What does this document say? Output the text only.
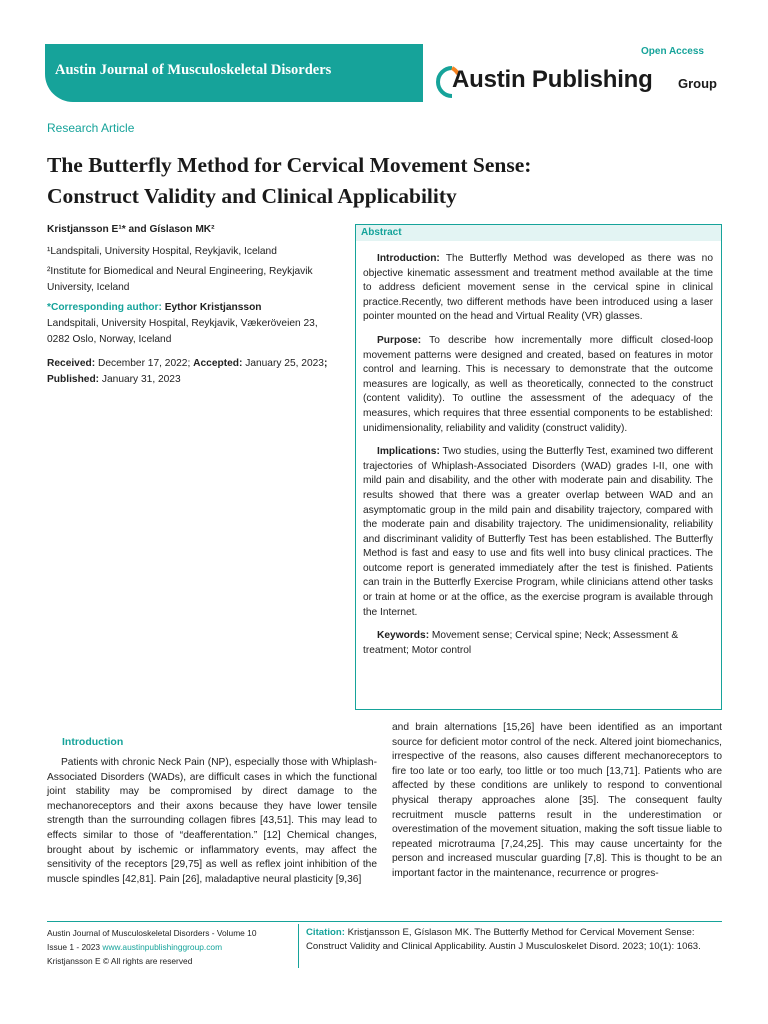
Austin Journal of Musculoskeletal Disorders
Open Access
Austin Publishing Group
Research Article
The Butterfly Method for Cervical Movement Sense:
Construct Validity and Clinical Applicability

Kristjansson E¹* and Gíslason MK²

¹Landspitali, University Hospital, Reykjavik, Iceland

²Institute for Biomedical and Neural Engineering, Reykjavik University, Iceland

*Corresponding author: Eythor Kristjansson

Landspitali, University Hospital, Reykjavik, Vækeröveien 23, 0282 Oslo, Norway, Iceland

Received: December 17, 2022; Accepted: January 25, 2023; Published: January 31, 2023

Abstract

Introduction: The Butterfly Method was developed as there was no objective kinematic assessment and treatment method available at the time to address deficient movement sense in the cervical spine in clinical practice.Recently, two different methods have been introduced using a laser pointer mounted on the head and Virtual Reality (VR) glasses.

Purpose: To describe how incrementally more difficult closed-loop movement patterns were designed and created, based on features in motor control and learning. This is necessary to demonstrate that the outcome measures are logically, as well as theoretically, connected to the construct (content validity). To outline the assessment of the adequacy of the measures, which requires that three essential components to be established: unidimensionality, reliability and validity (construct validity).

Implications: Two studies, using the Butterfly Test, examined two different trajectories of Whiplash-Associated Disorders (WAD) grades I-II, one with mild pain and disability, and the other with moderate pain and disability. The results showed that there was a greater overlap between WAD and an asymptomatic group in the mild pain and disability trajectory, compared with the moderate pain and disability trajectory. The unidimensionality, reliability and discriminant validity of Butterfly Test has been established. The Butterfly Method is fast and easy to use and fits well into busy clinical practices. The outcome report is generated immediately after the test is finished. Patients can train in the Butterfly Exercise Program, while clinicians attend other tasks or train at home or at the office, as the exercise program is available through the Internet.

Keywords: Movement sense; Cervical spine; Neck; Assessment & treatment; Motor control

Introduction
Patients with chronic Neck Pain (NP), especially those with Whiplash-Associated Disorders (WADs), are difficult cases in which the functional joint stability may be compromised by direct damage to the mechanoreceptors and their axons because they have lower tensile strength than the surrounding collagen fibres [43,51]. This may lead to effects similar to those of “deafferentation.” [12] Chemical changes, brought about by ischemic or inflammatory events, may affect the sensitivity of the receptors [29,75] as well as reflex joint inhibition of the muscle spindles [42,81]. Pain [26], maladaptive neural plasticity [9,36]
and brain alternations [15,26] have been identified as an important source for deficient motor control of the neck. Altered joint biomechanics, irrespective of the reasons, also causes different mechanoreceptors to fire too late or too early, too little or too much [13,71]. Patients who are affected by these conditions are unlikely to respond to conventional physical therapy approaches alone [35]. The consequent faulty recruitment muscle patterns result in the underestimation or overestimation of the movement situation, making the soft tissue liable to repeated microtrauma [7,24,25]. This may cause uncertainty for the person and increased muscular guarding [7,8]. This is thought to be an important factor in the maintenance, recurrence or progres-
Austin Journal of Musculoskeletal Disorders - Volume 10
Issue 1 - 2023 www.austinpublishinggroup.com
Kristjansson E © All rights are reserved
Citation: Kristjansson E, Gíslason MK. The Butterfly Method for Cervical Movement Sense: Construct Validity and Clinical Applicability. Austin J Musculoskelet Disord. 2023; 10(1): 1063.
